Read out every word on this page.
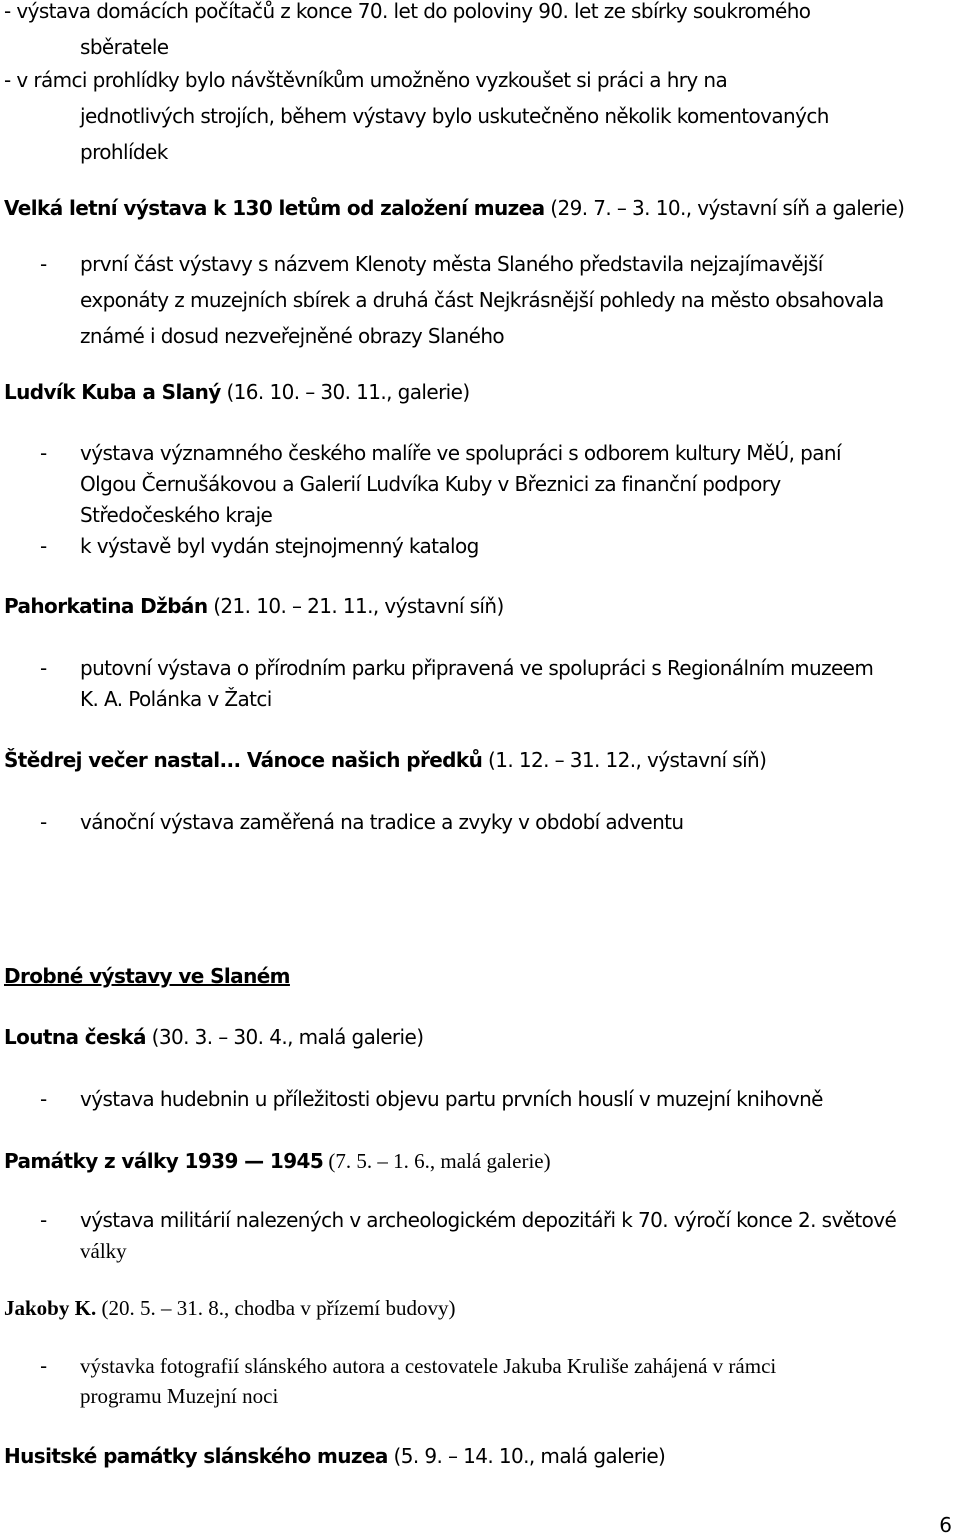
- výstava domácích počítačů z konce 70. let do poloviny 90. let ze sbírky soukromého
sběratele
- v rámci prohlídky bylo návštěvníkům umožněno vyzkoušet si práci a hry na
jednotlivých strojích, během výstavy bylo uskutečněno několik komentovaných
prohlídek
Velká letní výstava k 130 letům od založení muzea (29. 7. – 3. 10., výstavní síň a galerie)
- první část výstavy s názvem Klenoty města Slaného představila nejzajímavější
exponáty z muzejních sbírek a druhá část Nejkrásnější pohledy na město obsahovala
známé i dosud nezveřejněné obrazy Slaného
Ludvík Kuba a Slaný (16. 10. – 30. 11., galerie)
- výstava významného českého malíře ve spolupráci s odborem kultury MěÚ, paní
Olgou Černušákovou a Galerií Ludvíka Kuby v Březnici za finanční podpory
Středočeského kraje
- k výstavě byl vydán stejnojmenný katalog
Pahorkatina Džbán (21. 10. – 21. 11., výstavní síň)
- putovní výstava o přírodním parku připravená ve spolupráci s Regionálním muzeem
K. A. Polánka v Žatci
Štědrej večer nastal... Vánoce našich předků (1. 12. – 31. 12., výstavní síň)
- vánoční výstava zaměřená na tradice a zvyky v období adventu
Drobné výstavy ve Slaném
Loutna česká (30. 3. – 30. 4., malá galerie)
- výstava hudebnin u příležitosti objevu partu prvních houslí v muzejní knihovně
Památky z války 1939 — 1945 (7. 5. – 1. 6., malá galerie)
- výstava militárií nalezených v archeologickém depozitáři k 70. výročí konce 2. světové
války
Jakoby K. (20. 5. – 31. 8., chodba v přízemí budovy)
- výstavka fotografií slánského autora a cestovatele Jakuba Kruliše zahájená v rámci
programu Muzejní noci
Husitské památky slánského muzea (5. 9. – 14. 10., malá galerie)
6
